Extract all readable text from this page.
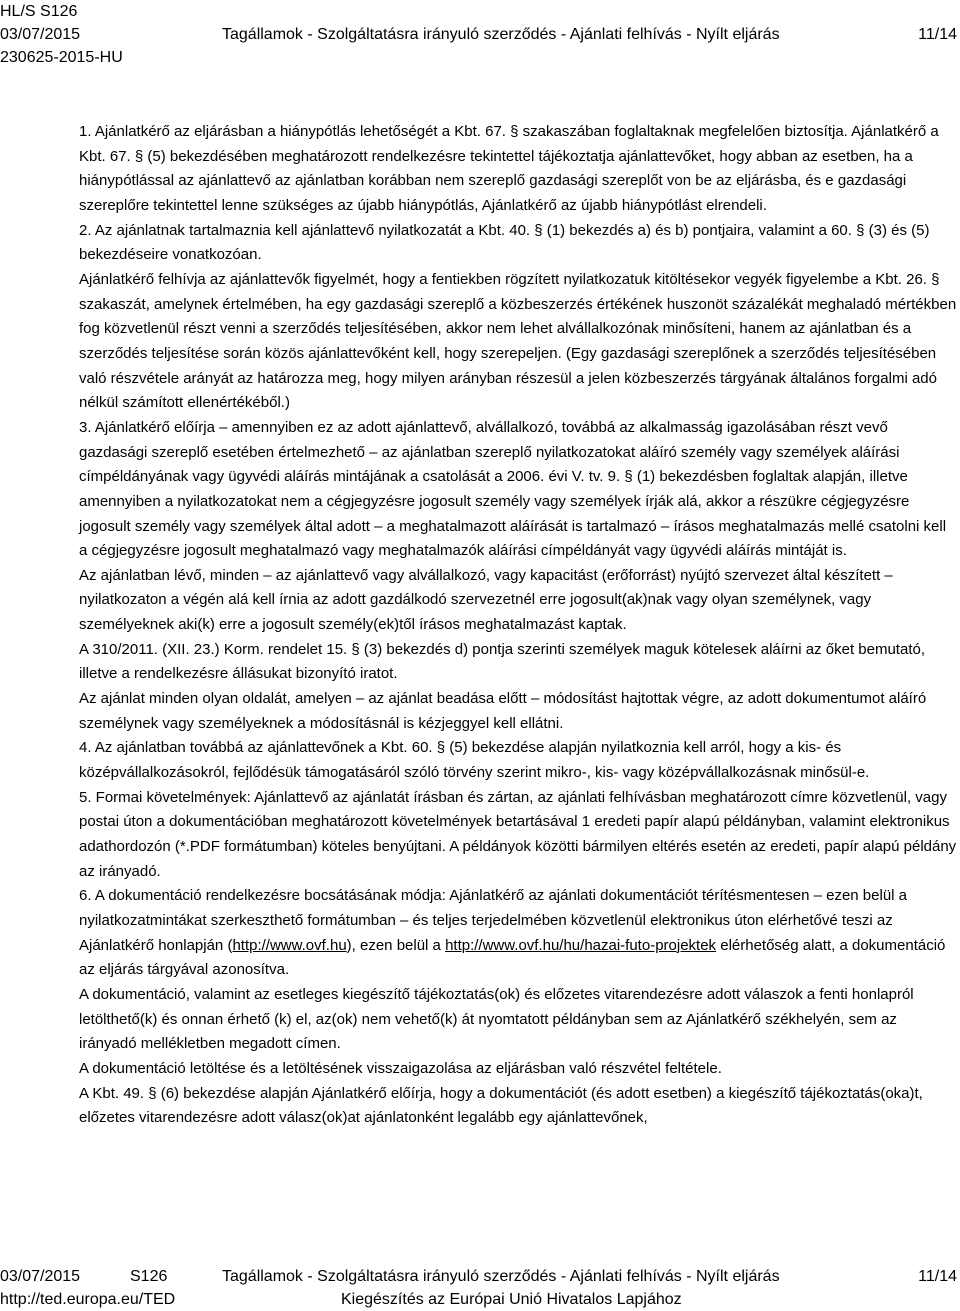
HL/S S126
03/07/2015	Tagállamok - Szolgáltatásra irányuló szerződés - Ajánlati felhívás - Nyílt eljárás	11/14
230625-2015-HU

1. Ajánlatkérő az eljárásban a hiánypótlás lehetőségét a Kbt. 67. § szakaszában foglaltaknak megfelelően biztosítja. Ajánlatkérő a Kbt. 67. § (5) bekezdésében meghatározott rendelkezésre tekintettel tájékoztatja ajánlattevőket, hogy abban az esetben, ha a hiánypótlással az ajánlattevő az ajánlatban korábban nem szereplő gazdasági szereplőt von be az eljárásba, és e gazdasági szereplőre tekintettel lenne szükséges az újabb hiánypótlás, Ajánlatkérő az újabb hiánypótlást elrendeli.

2. Az ajánlatnak tartalmaznia kell ajánlattevő nyilatkozatát a Kbt. 40. § (1) bekezdés a) és b) pontjaira, valamint a 60. § (3) és (5) bekezdéseire vonatkozóan.

Ajánlatkérő felhívja az ajánlattevők figyelmét, hogy a fentiekben rögzített nyilatkozatuk kitöltésekor vegyék figyelembe a Kbt. 26. § szakaszát, amelynek értelmében, ha egy gazdasági szereplő a közbeszerzés értékének huszonöt százalékát meghaladó mértékben fog közvetlenül részt venni a szerződés teljesítésében, akkor nem lehet alvállalkozónak minősíteni, hanem az ajánlatban és a szerződés teljesítése során közös ajánlattevőként kell, hogy szerepeljen. (Egy gazdasági szereplőnek a szerződés teljesítésében való részvétele arányát az határozza meg, hogy milyen arányban részesül a jelen közbeszerzés tárgyának általános forgalmi adó nélkül számított ellenértékéből.)

3. Ajánlatkérő előírja – amennyiben ez az adott ajánlattevő, alvállalkozó, továbbá az alkalmasság igazolásában részt vevő gazdasági szereplő esetében értelmezhető – az ajánlatban szereplő nyilatkozatokat aláíró személy vagy személyek aláírási címpéldányának vagy ügyvédi aláírás mintájának a csatolását a 2006. évi V. tv. 9. § (1) bekezdésben foglaltak alapján, illetve amennyiben a nyilatkozatokat nem a cégjegyzésre jogosult személy vagy személyek írják alá, akkor a részükre cégjegyzésre jogosult személy vagy személyek által adott – a meghatalmazott aláírását is tartalmazó – írásos meghatalmazás mellé csatolni kell a cégjegyzésre jogosult meghatalmazó vagy meghatalmazók aláírási címpéldányát vagy ügyvédi aláírás mintáját is.

Az ajánlatban lévő, minden – az ajánlattevő vagy alvállalkozó, vagy kapacitást (erőforrást) nyújtó szervezet által készített – nyilatkozaton a végén alá kell írnia az adott gazdálkodó szervezetnél erre jogosult(ak)nak vagy olyan személynek, vagy személyeknek aki(k) erre a jogosult személy(ek)től írásos meghatalmazást kaptak.

A 310/2011. (XII. 23.) Korm. rendelet 15. § (3) bekezdés d) pontja szerinti személyek maguk kötelesek aláírni az őket bemutató, illetve a rendelkezésre állásukat bizonyító iratot.

Az ajánlat minden olyan oldalát, amelyen – az ajánlat beadása előtt – módosítást hajtottak végre, az adott dokumentumot aláíró személynek vagy személyeknek a módosításnál is kézjeggyel kell ellátni.

4. Az ajánlatban továbbá az ajánlattevőnek a Kbt. 60. § (5) bekezdése alapján nyilatkoznia kell arról, hogy a kis- és középvállalkozásokról, fejlődésük támogatásáról szóló törvény szerint mikro-, kis- vagy középvállalkozásnak minősül-e.

5. Formai követelmények: Ajánlattevő az ajánlatát írásban és zártan, az ajánlati felhívásban meghatározott címre közvetlenül, vagy postai úton a dokumentációban meghatározott követelmények betartásával 1 eredeti papír alapú példányban, valamint elektronikus adathordozón (*.PDF formátumban) köteles benyújtani. A példányok közötti bármilyen eltérés esetén az eredeti, papír alapú példány az irányadó.

6. A dokumentáció rendelkezésre bocsátásának módja: Ajánlatkérő az ajánlati dokumentációt térítésmentesen – ezen belül a nyilatkozatmintákat szerkeszthető formátumban – és teljes terjedelmében közvetlenül elektronikus úton elérhetővé teszi az Ajánlatkérő honlapján (http://www.ovf.hu), ezen belül a http://www.ovf.hu/hu/hazai-futo-projektek elérhetőség alatt, a dokumentáció az eljárás tárgyával azonosítva.

A dokumentáció, valamint az esetleges kiegészítő tájékoztatás(ok) és előzetes vitarendezésre adott válaszok a fenti honlapról letölthető(k) és onnan érhető (k) el, az(ok) nem vehető(k) át nyomtatott példányban sem az Ajánlatkérő székhelyén, sem az irányadó mellékletben megadott címen.

A dokumentáció letöltése és a letöltésének visszaigazolása az eljárásban való részvétel feltétele.

A Kbt. 49. § (6) bekezdése alapján Ajánlatkérő előírja, hogy a dokumentációt (és adott esetben) a kiegészítő tájékoztatás(oka)t, előzetes vitarendezésre adott válasz(ok)at ajánlatonként legalább egy ajánlattevőnek,

03/07/2015	S126	Tagállamok - Szolgáltatásra irányuló szerződés - Ajánlati felhívás - Nyílt eljárás	11/14
http://ted.europa.eu/TED	Kiegészítés az Európai Unió Hivatalos Lapjához
